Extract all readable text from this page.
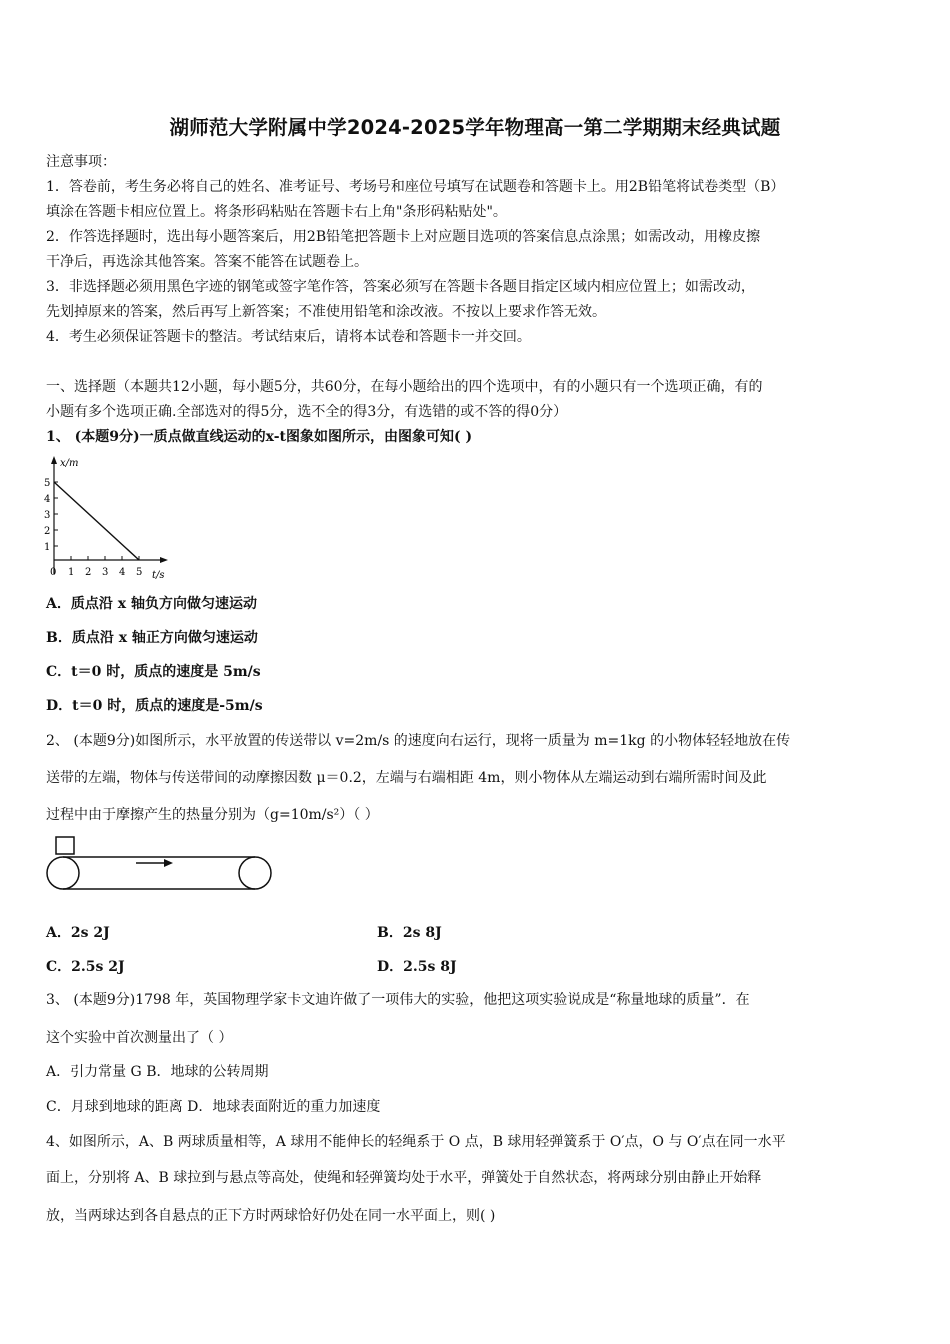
湖师范大学附属中学2024-2025学年物理高一第二学期期末经典试题
注意事项：
1．答卷前，考生务必将自己的姓名、准考证号、考场号和座位号填写在试题卷和答题卡上。用2B铅笔将试卷类型（B）
填涂在答题卡相应位置上。将条形码粘贴在答题卡右上角"条形码粘贴处"。
2．作答选择题时，选出每小题答案后，用2B铅笔把答题卡上对应题目选项的答案信息点涂黑；如需改动，用橡皮擦
干净后，再选涂其他答案。答案不能答在试题卷上。
3．非选择题必须用黑色字迹的钢笔或签字笔作答，答案必须写在答题卡各题目指定区域内相应位置上；如需改动，
先划掉原来的答案，然后再写上新答案；不准使用铅笔和涂改液。不按以上要求作答无效。
4．考生必须保证答题卡的整洁。考试结束后，请将本试卷和答题卡一并交回。
一、选择题（本题共12小题，每小题5分，共60分，在每小题给出的四个选项中，有的小题只有一个选项正确，有的
小题有多个选项正确.全部选对的得5分，选不全的得3分，有选错的或不答的得0分）
1、 (本题9分)一质点做直线运动的x-t图象如图所示，由图象可知( )
x/m
5
4
3
2
1
0 1 2 3 4 5 t/s
A．质点沿 x 轴负方向做匀速运动
B．质点沿 x 轴正方向做匀速运动
C．t＝0 时，质点的速度是 5m/s
D．t＝0 时，质点的速度是-5m/s
2、 (本题9分)如图所示，水平放置的传送带以 v=2m/s 的速度向右运行，现将一质量为 m=1kg 的小物体轻轻地放在传
送带的左端，物体与传送带间的动摩擦因数 μ＝0.2，左端与右端相距 4m，则小物体从左端运动到右端所需时间及此
过程中由于摩擦产生的热量分别为（g=10m/s²）（ ）
A．2s 2J	B．2s 8J
C．2.5s 2J	D．2.5s 8J
3、 (本题9分)1798 年，英国物理学家卡文迪许做了一项伟大的实验，他把这项实验说成是“称量地球的质量”．在
这个实验中首次测量出了（ ）
A．引力常量 G B．地球的公转周期
C．月球到地球的距离 D．地球表面附近的重力加速度
4、如图所示，A、B 两球质量相等，A 球用不能伸长的轻绳系于 O 点，B 球用轻弹簧系于 O′点，O 与 O′点在同一水平
面上，分别将 A、B 球拉到与悬点等高处，使绳和轻弹簧均处于水平，弹簧处于自然状态，将两球分别由静止开始释
放，当两球达到各自悬点的正下方时两球恰好仍处在同一水平面上，则( )
